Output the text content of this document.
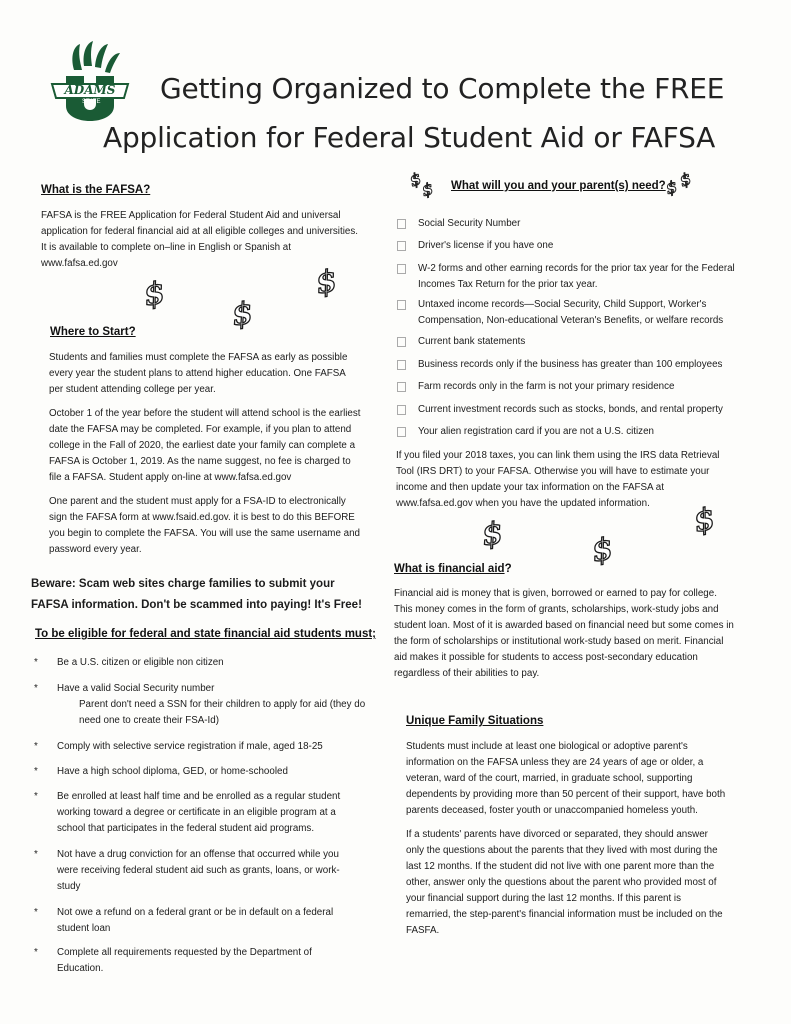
ADAMS
STATE Getting Organized to Complete the FREE
Application for Federal Student Aid or FAFSA
What is the FAFSA?

FAFSA is the FREE Application for Federal Student Aid and universal application for federal financial aid at all eligible colleges and universities. It is available to complete on–line in English or Spanish at www.fafsa.ed.gov

Where to Start?

Students and families must complete the FAFSA as early as possible every year the student plans to attend higher education. One FAFSA per student attending college per year.

October 1 of the year before the student will attend school is the earliest date the FAFSA may be completed. For example, if you plan to attend college in the Fall of 2020, the earliest date your family can complete a FAFSA is October 1, 2019. As the name suggest, no fee is charged to file a FAFSA. Student apply on-line at www.fafsa.ed.gov

One parent and the student must apply for a FSA-ID to electronically sign the FAFSA form at www.fsaid.ed.gov. it is best to do this BEFORE you begin to complete the FAFSA. You will use the same username and password every year.

Beware: Scam web sites charge families to submit your FAFSA information. Don't be scammed into paying! It's Free!
To be eligible for federal and state financial aid students must;
* Be a U.S. citizen or eligible non citizen
* Have a valid Social Security number
Parent don't need a SSN for their children to apply for aid (they do need one to create their FSA-Id)
* Comply with selective service registration if male, aged 18-25
* Have a high school diploma, GED, or home-schooled
* Be enrolled at least half time and be enrolled as a regular student working toward a degree or certificate in an eligible program at a school that participates in the federal student aid programs.
* Not have a drug conviction for an offense that occurred while you were receiving federal student aid such as grants, loans, or work-study
* Not owe a refund on a federal grant or be in default on a federal student loan
* Complete all requirements requested by the Department of Education.
What will you and your parent(s) need?
Social Security Number
Driver's license if you have one
W-2 forms and other earning records for the prior tax year for the Federal Incomes Tax Return for the prior tax year.
Untaxed income records—Social Security, Child Support, Worker's Compensation, Non-educational Veteran's Benefits, or welfare records
Current bank statements
Business records only if the business has greater than 100 employees
Farm records only in the farm is not your primary residence
Current investment records such as stocks, bonds, and rental property
Your alien registration card if you are not a U.S. citizen

If you filed your 2018 taxes, you can link them using the IRS data Retrieval Tool (IRS DRT) to your FAFSA. Otherwise you will have to estimate your income and then update your tax information on the FAFSA at www.fafsa.ed.gov when you have the updated information.

What is financial aid?

Financial aid is money that is given, borrowed or earned to pay for college. This money comes in the form of grants, scholarships, work-study jobs and student loan. Most of it is awarded based on financial need but some comes in the form of scholarships or institutional work-study based on merit. Financial aid makes it possible for students to access post-secondary education regardless of their abilities to pay.

Unique Family Situations

Students must include at least one biological or adoptive parent's information on the FAFSA unless they are 24 years of age or older, a veteran, ward of the court, married, in graduate school, supporting dependents by providing more than 50 percent of their support, have both parents deceased, foster youth or unaccompanied homeless youth.

If a students' parents have divorced or separated, they should answer only the questions about the parents that they lived with most during the last 12 months. If the student did not live with one parent more than the other, answer only the questions about the parent who provided most of your financial support during the last 12 months. If this parent is remarried, the step-parent's financial information must be included on the FASFA.

$
$
$
$
$	$
$
$	$
$
